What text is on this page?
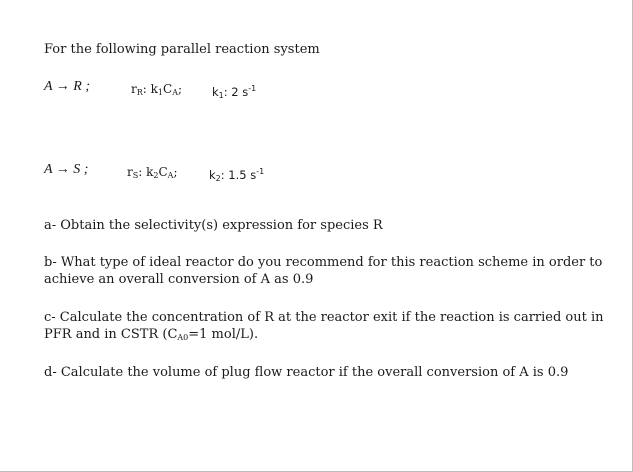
For the following parallel reaction system
A → R ;	$r_R$: $k_1C_A$;	$k_1$: 2 $s^{-1}$
A → S ;	$r_S$: $k_2C_A$;	$k_2$: 1.5 $s^{-1}$
a- Obtain the selectivity(s) expression for species R
b- What type of ideal reactor do you recommend for this reaction scheme in order to achieve an overall conversion of A as 0.9
c- Calculate the concentration of R at the reactor exit if the reaction is carried out in PFR and in CSTR ($C_{A0}=1$ mol/L).
d- Calculate the volume of plug flow reactor if the overall conversion of A is 0.9
